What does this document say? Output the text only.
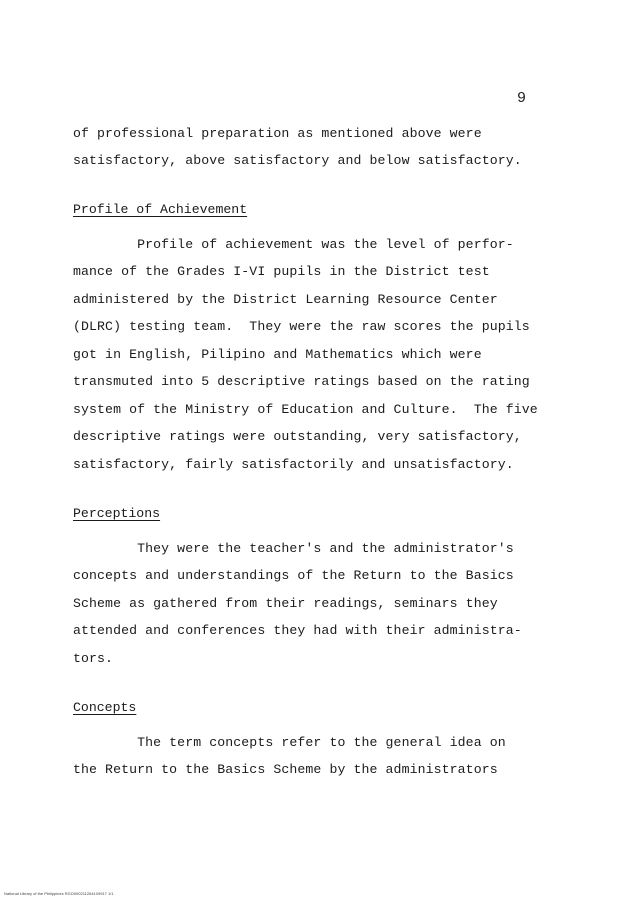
9
of professional preparation as mentioned above were
satisfactory, above satisfactory and below satisfactory.
Profile of Achievement
Profile of achievement was the level of perfor-
mance of the Grades I-VI pupils in the District test
administered by the District Learning Resource Center
(DLRC) testing team.  They were the raw scores the pupils
got in English, Pilipino and Mathematics which were
transmuted into 5 descriptive ratings based on the rating
system of the Ministry of Education and Culture.  The five
descriptive ratings were outstanding, very satisfactory,
satisfactory, fairly satisfactorily and unsatisfactory.
Perceptions
They were the teacher's and the administrator's
concepts and understandings of the Return to the Basics
Scheme as gathered from their readings, seminars they
attended and conferences they had with their administra-
tors.
Concepts
The term concepts refer to the general idea on
the Return to the Basics Scheme by the administrators
National Library of the Philippines RGO000211264109917 1/1
